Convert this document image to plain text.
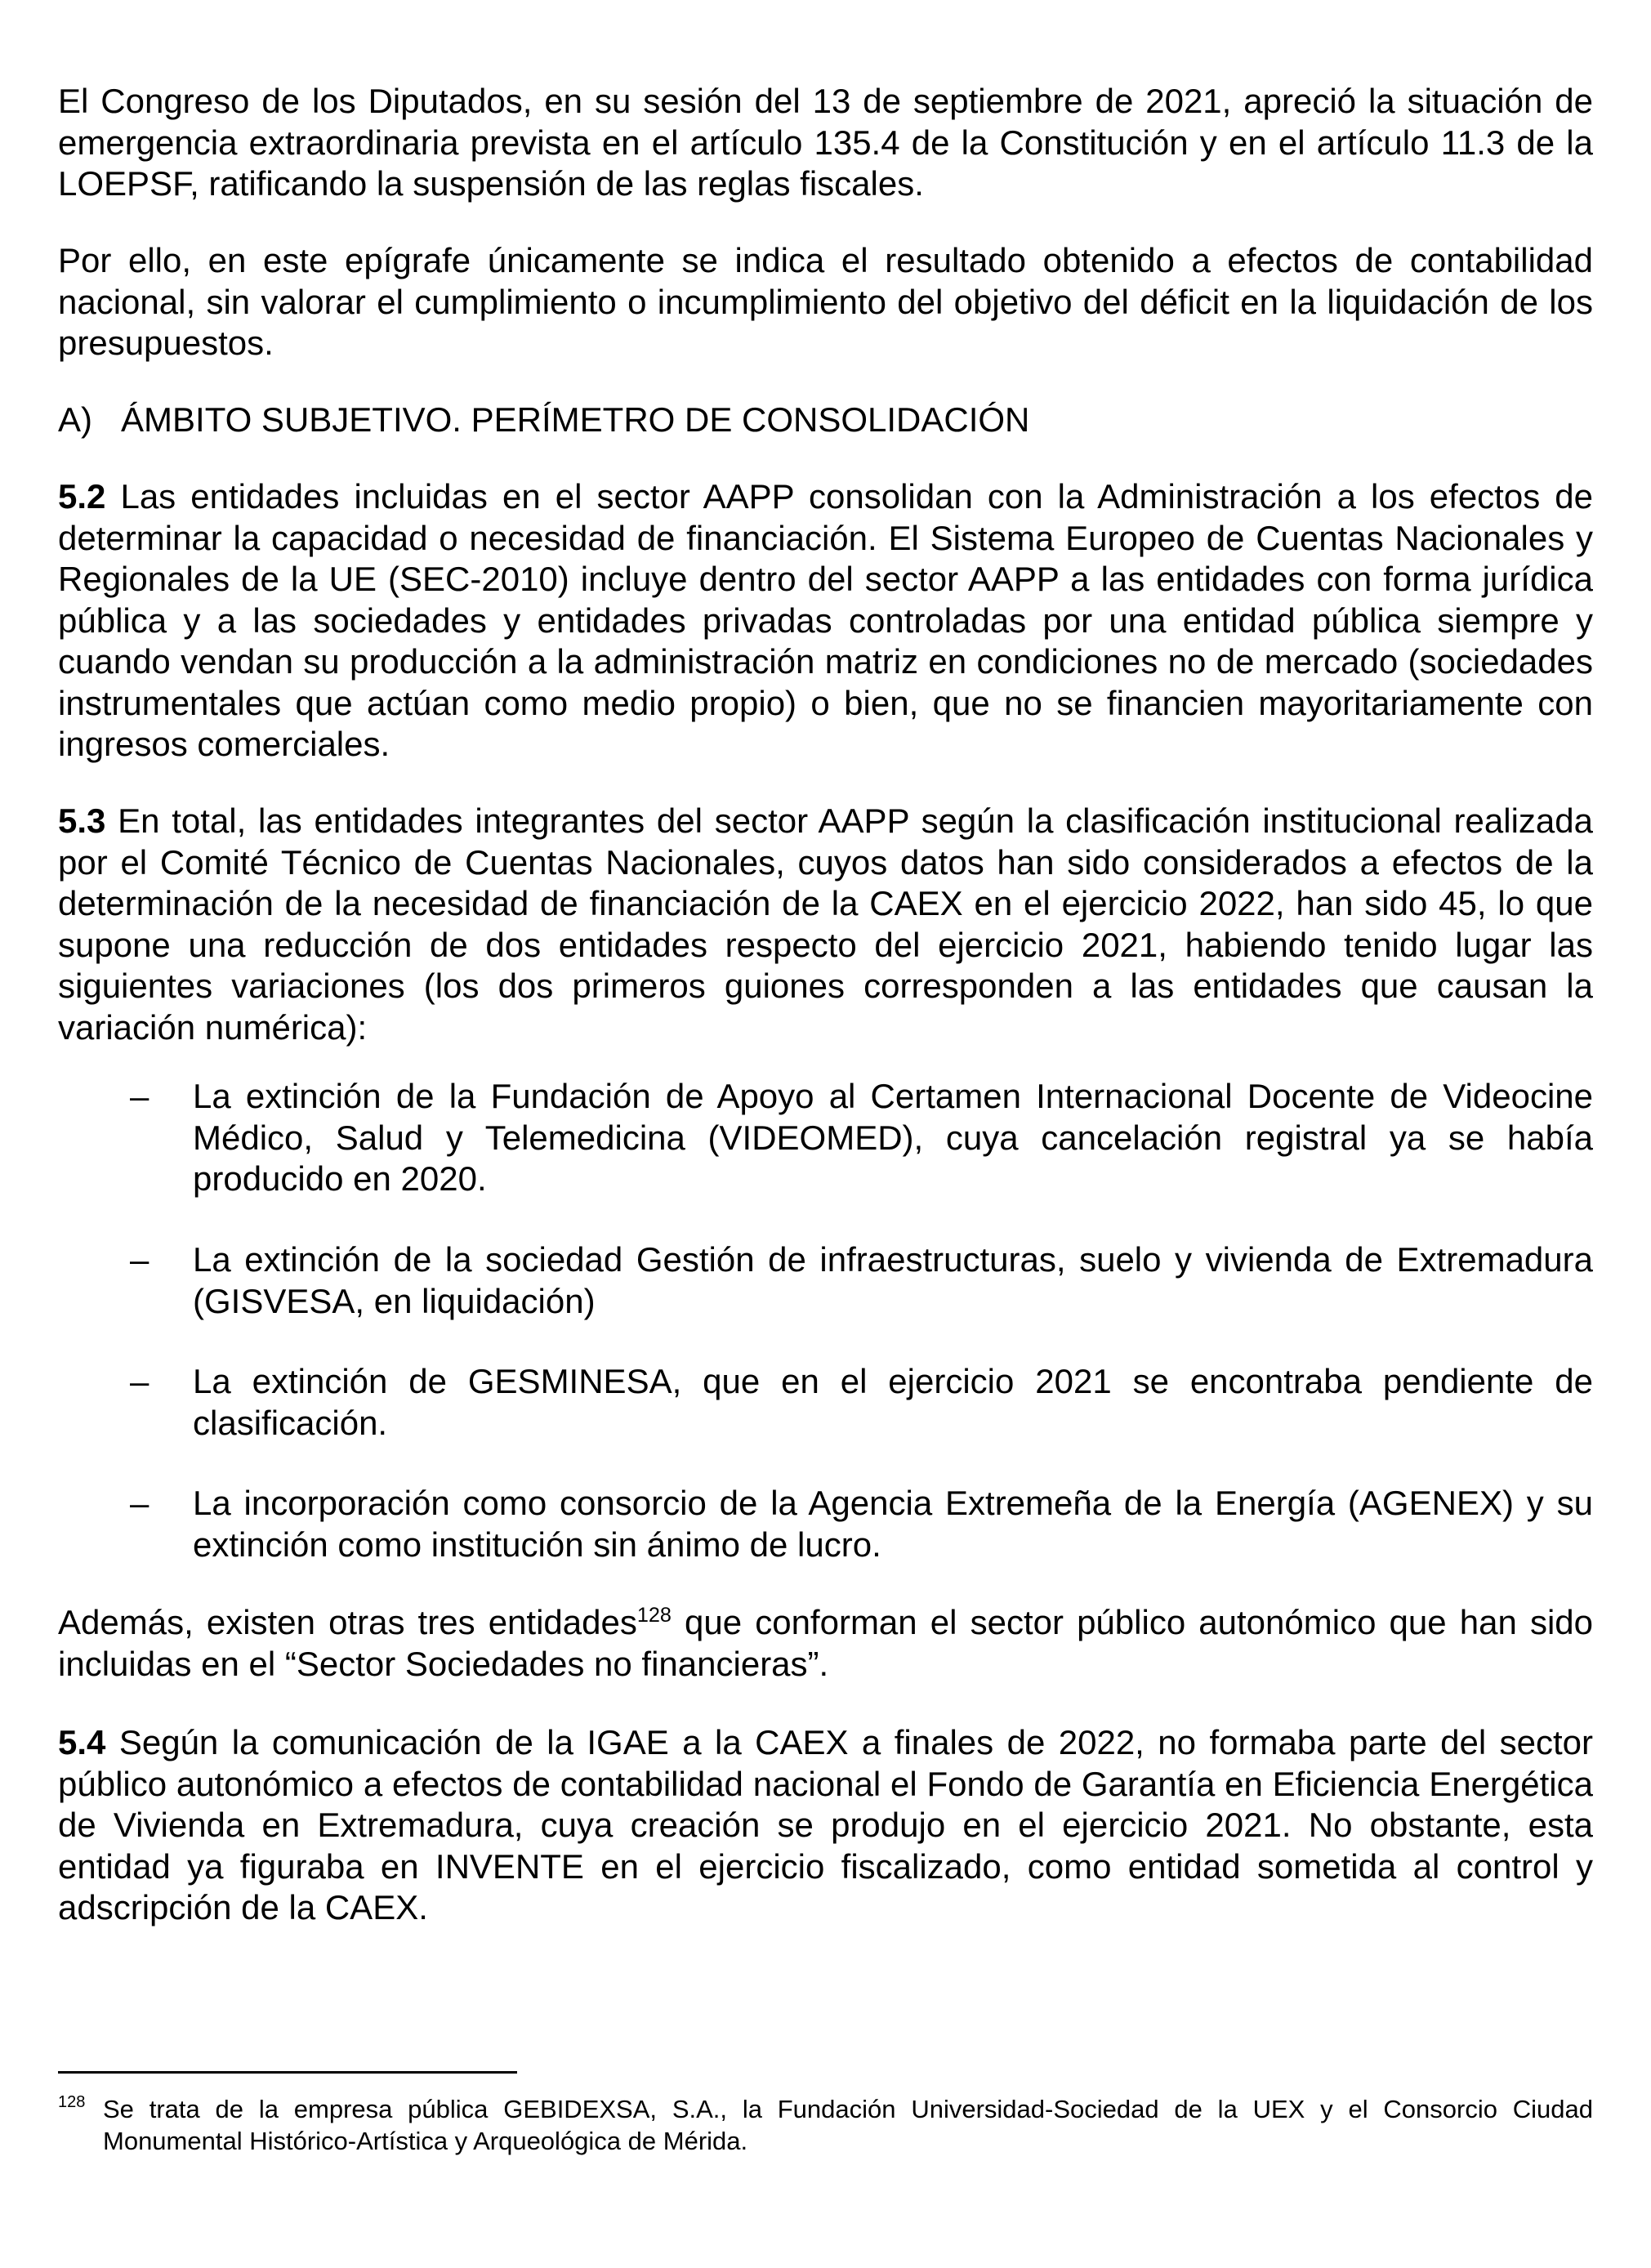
El Congreso de los Diputados, en su sesión del 13 de septiembre de 2021, apreció la situación de emergencia extraordinaria prevista en el artículo 135.4 de la Constitución y en el artículo 11.3 de la LOEPSF, ratificando la suspensión de las reglas fiscales.
Por ello, en este epígrafe únicamente se indica el resultado obtenido a efectos de contabilidad nacional, sin valorar el cumplimiento o incumplimiento del objetivo del déficit en la liquidación de los presupuestos.
A)   ÁMBITO SUBJETIVO. PERÍMETRO DE CONSOLIDACIÓN
5.2 Las entidades incluidas en el sector AAPP consolidan con la Administración a los efectos de determinar la capacidad o necesidad de financiación. El Sistema Europeo de Cuentas Nacionales y Regionales de la UE (SEC-2010) incluye dentro del sector AAPP a las entidades con forma jurídica pública y a las sociedades y entidades privadas controladas por una entidad pública siempre y cuando vendan su producción a la administración matriz en condiciones no de mercado (sociedades instrumentales que actúan como medio propio) o bien, que no se financien mayoritariamente con ingresos comerciales.
5.3 En total, las entidades integrantes del sector AAPP según la clasificación institucional realizada por el Comité Técnico de Cuentas Nacionales, cuyos datos han sido considerados a efectos de la determinación de la necesidad de financiación de la CAEX en el ejercicio 2022, han sido 45, lo que supone una reducción de dos entidades respecto del ejercicio 2021, habiendo tenido lugar las siguientes variaciones (los dos primeros guiones corresponden a las entidades que causan la variación numérica):
– La extinción de la Fundación de Apoyo al Certamen Internacional Docente de Videocine Médico, Salud y Telemedicina (VIDEOMED), cuya cancelación registral ya se había producido en 2020.
– La extinción de la sociedad Gestión de infraestructuras, suelo y vivienda de Extremadura (GISVESA, en liquidación)
– La extinción de GESMINESA, que en el ejercicio 2021 se encontraba pendiente de clasificación.
– La incorporación como consorcio de la Agencia Extremeña de la Energía (AGENEX) y su extinción como institución sin ánimo de lucro.
Además, existen otras tres entidades$^{128}$ que conforman el sector público autonómico que han sido incluidas en el “Sector Sociedades no financieras”.
5.4 Según la comunicación de la IGAE a la CAEX a finales de 2022, no formaba parte del sector público autonómico a efectos de contabilidad nacional el Fondo de Garantía en Eficiencia Energética de Vivienda en Extremadura, cuya creación se produjo en el ejercicio 2021. No obstante, esta entidad ya figuraba en INVENTE en el ejercicio fiscalizado, como entidad sometida al control y adscripción de la CAEX.
128 Se trata de la empresa pública GEBIDEXSA, S.A., la Fundación Universidad-Sociedad de la UEX y el Consorcio Ciudad Monumental Histórico-Artística y Arqueológica de Mérida.
